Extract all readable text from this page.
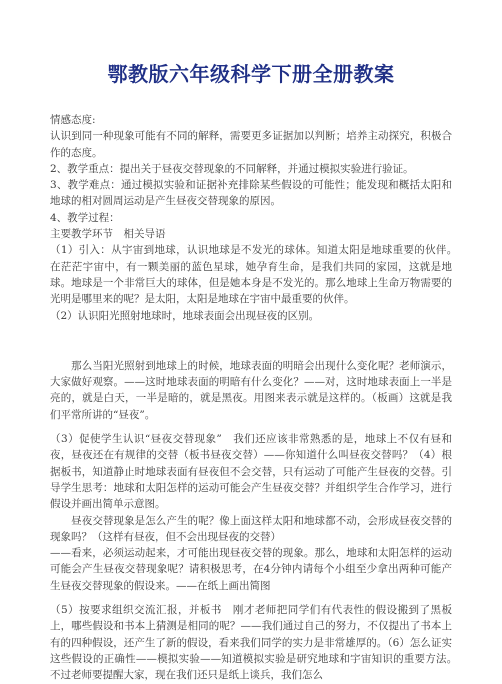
鄂教版六年级科学下册全册教案

情感态度:

认识到同一种现象可能有不同的解释，需要更多证据加以判断；培养主动探究，积极合作的态度。

2、教学重点：提出关于昼夜交替现象的不同解释，并通过模拟实验进行验证。

3、教学难点：通过模拟实验和证据补充排除某些假设的可能性；能发现和概括太阳和地球的相对圆周运动是产生昼夜交替现象的原因。

4、教学过程：

主要教学环节　相关导语

（1）引入：从宇宙到地球，认识地球是不发光的球体。知道太阳是地球重要的伙伴。　在茫茫宇宙中，有一颗美丽的蓝色星球，她孕育生命，是我们共同的家园，这就是地球。地球是一个非常巨大的球体，但是她本身是不发光的。那么地球上生命万物需要的光明是哪里来的呢？是太阳，太阳是地球在宇宙中最重要的伙伴。

（2）认识阳光照射地球时，地球表面会出现昼夜的区别。

　　那么当阳光照射到地球上的时候，地球表面的明暗会出现什么变化呢？老师演示，大家做好观察。——这时地球表面的明暗有什么变化？——对，这时地球表面上一半是亮的，就是白天，一半是暗的，就是黑夜。用图来表示就是这样的。（板画）这就是我们平常所讲的“昼夜”。

（3）促使学生认识“昼夜交替现象”　我们还应该非常熟悉的是，地球上不仅有昼和夜，昼夜还在有规律的交替（板书昼夜交替）——你知道什么叫昼夜交替吗？（4）根据板书，知道静止时地球表面有昼夜但不会交替，只有运动了可能产生昼夜的交替。引导学生思考：地球和太阳怎样的运动可能会产生昼夜交替？并组织学生合作学习，进行假设并画出简单示意图。

　　昼夜交替现象是怎么产生的呢？像上面这样太阳和地球都不动，会形成昼夜交替的现象吗？（这样有昼夜，但不会出现昼夜的交替）

——看来，必须运动起来，才可能出现昼夜交替的现象。那么，地球和太阳怎样的运动可能会产生昼夜交替现象呢？请积极思考，在4分钟内请每个小组至少拿出两种可能产生昼夜交替现象的假设来。——在纸上画出简图

（5）按要求组织交流汇报，并板书　刚才老师把同学们有代表性的假设搬到了黑板上，哪些假设和书本上猜测是相同的呢？——我们通过自己的努力，不仅提出了书本上有的四种假设，还产生了新的假设，看来我们同学的实力是非常雄厚的。（6）怎么证实这些假设的正确性——模拟实验——知道模拟实验是研究地球和宇宙知识的重要方法。　不过老师要提醒大家，现在我们还只是纸上谈兵，我们怎么
